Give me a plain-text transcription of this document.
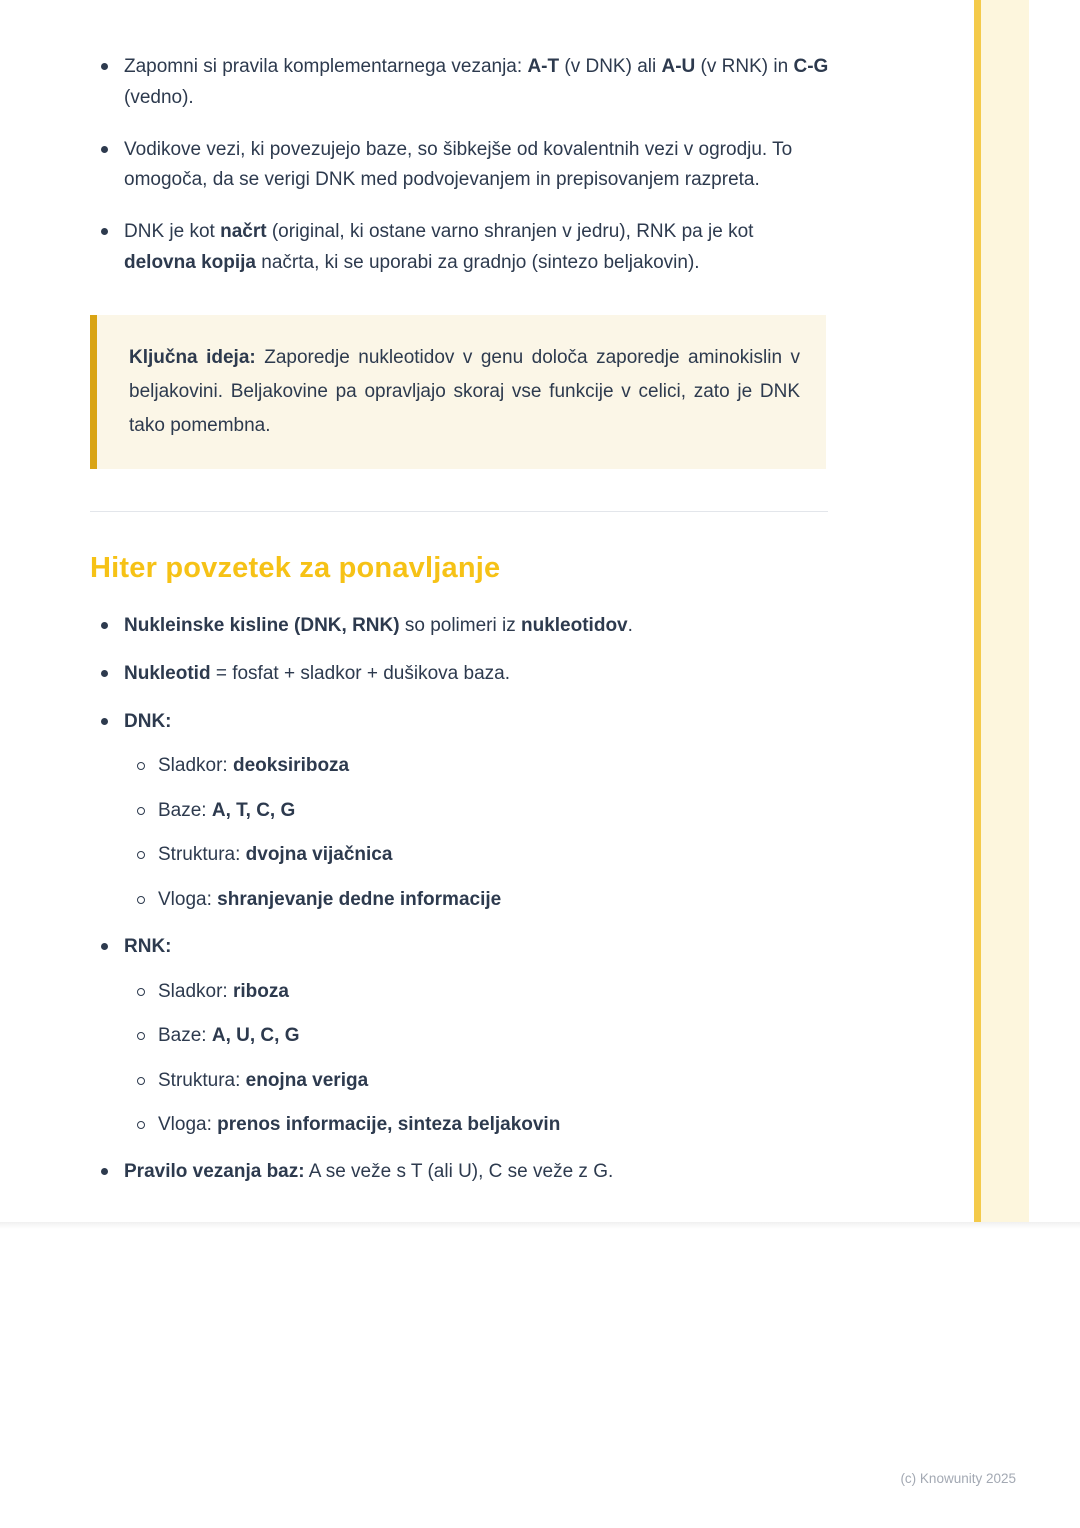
Zapomni si pravila komplementarnega vezanja: A-T (v DNK) ali A-U (v RNK) in C-G (vedno).

Vodikove vezi, ki povezujejo baze, so šibkejše od kovalentnih vezi v ogrodju. To omogoča, da se verigi DNK med podvojevanjem in prepisovanjem razpreta.

DNK je kot načrt (original, ki ostane varno shranjen v jedru), RNK pa je kot delovna kopija načrta, ki se uporabi za gradnjo (sintezo beljakovin).

Ključna ideja: Zaporedje nukleotidov v genu določa zaporedje aminokislin v beljakovini. Beljakovine pa opravljajo skoraj vse funkcije v celici, zato je DNK tako pomembna.

Hiter povzetek za ponavljanje

Nukleinske kisline (DNK, RNK) so polimeri iz nukleotidov.

Nukleotid = fosfat + sladkor + dušikova baza.

DNK:

Sladkor: deoksiriboza

Baze: A, T, C, G

Struktura: dvojna vijačnica

Vloga: shranjevanje dedne informacije

RNK:

Sladkor: riboza

Baze: A, U, C, G

Struktura: enojna veriga

Vloga: prenos informacije, sinteza beljakovin

Pravilo vezanja baz: A se veže s T (ali U), C se veže z G.

(c) Knowunity 2025
